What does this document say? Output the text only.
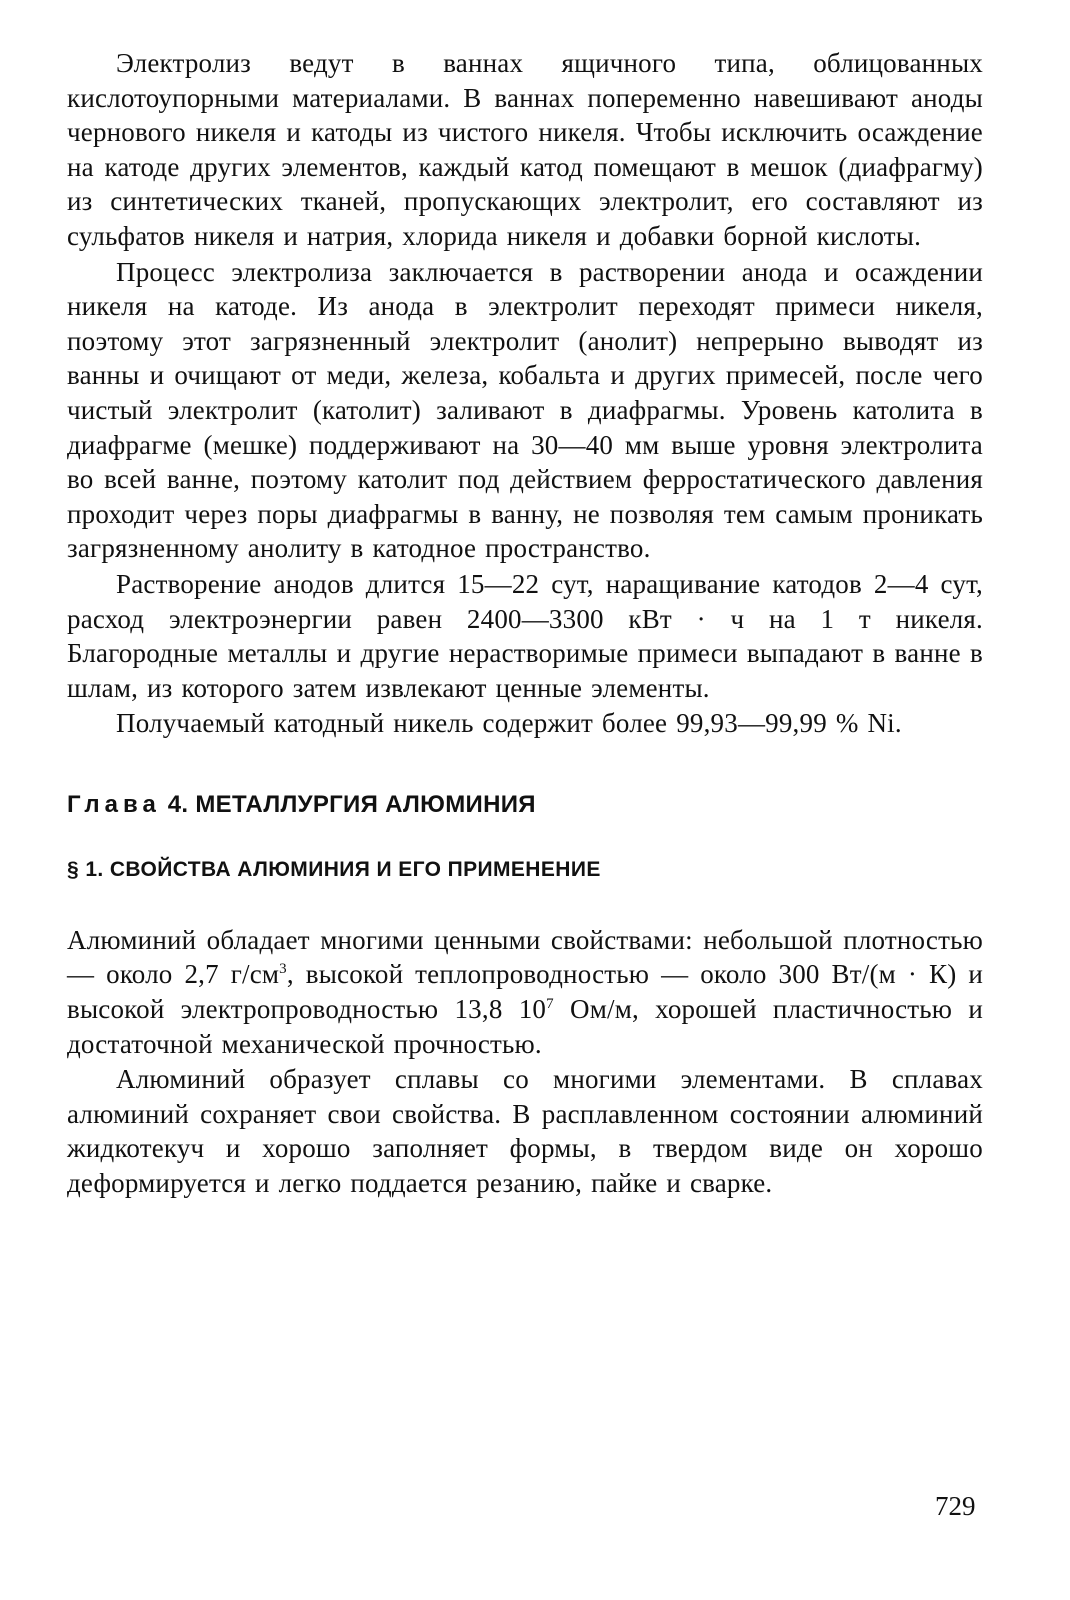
Электролиз ведут в ваннах ящичного типа, облицованных кислотоупорными материалами. В ваннах попеременно навешивают аноды чернового никеля и катоды из чистого никеля. Чтобы исключить осаждение на катоде других элементов, каждый катод помещают в мешок (диафрагму) из синтетических тканей, пропускающих электролит, его составляют из сульфатов никеля и натрия, хлорида никеля и добавки борной кислоты.

Процесс электролиза заключается в растворении анода и осаждении никеля на катоде. Из анода в электролит переходят примеси никеля, поэтому этот загрязненный электролит (анолит) непрерыно выводят из ванны и очищают от меди, железа, кобальта и других примесей, после чего чистый электролит (католит) заливают в диафрагмы. Уровень католита в диафрагме (мешке) поддерживают на 30—40 мм выше уровня электролита во всей ванне, поэтому католит под действием ферростатического давления проходит через поры диафрагмы в ванну, не позволяя тем самым проникать загрязненному анолиту в катодное пространство.

Растворение анодов длится 15—22 сут, наращивание катодов 2—4 сут, расход электроэнергии равен 2400—3300 кВт · ч на 1 т никеля. Благородные металлы и другие нерастворимые примеси выпадают в ванне в шлам, из которого затем извлекают ценные элементы.

Получаемый катодный никель содержит более 99,93—99,99 % Ni.

Глава 4. МЕТАЛЛУРГИЯ АЛЮМИНИЯ
§ 1. СВОЙСТВА АЛЮМИНИЯ И ЕГО ПРИМЕНЕНИЕ

Алюминий обладает многими ценными свойствами: небольшой плотностью — около 2,7 $г/см^3$, высокой теплопроводностью — около 300 Вт/(м · К) и высокой электропроводностью 13,8 $10^7$ Ом/м, хорошей пластичностью и достаточной механической прочностью.

Алюминий образует сплавы со многими элементами. В сплавах алюминий сохраняет свои свойства. В расплавленном состоянии алюминий жидкотекуч и хорошо заполняет формы, в твердом виде он хорошо деформируется и легко поддается резанию, пайке и сварке.

729
